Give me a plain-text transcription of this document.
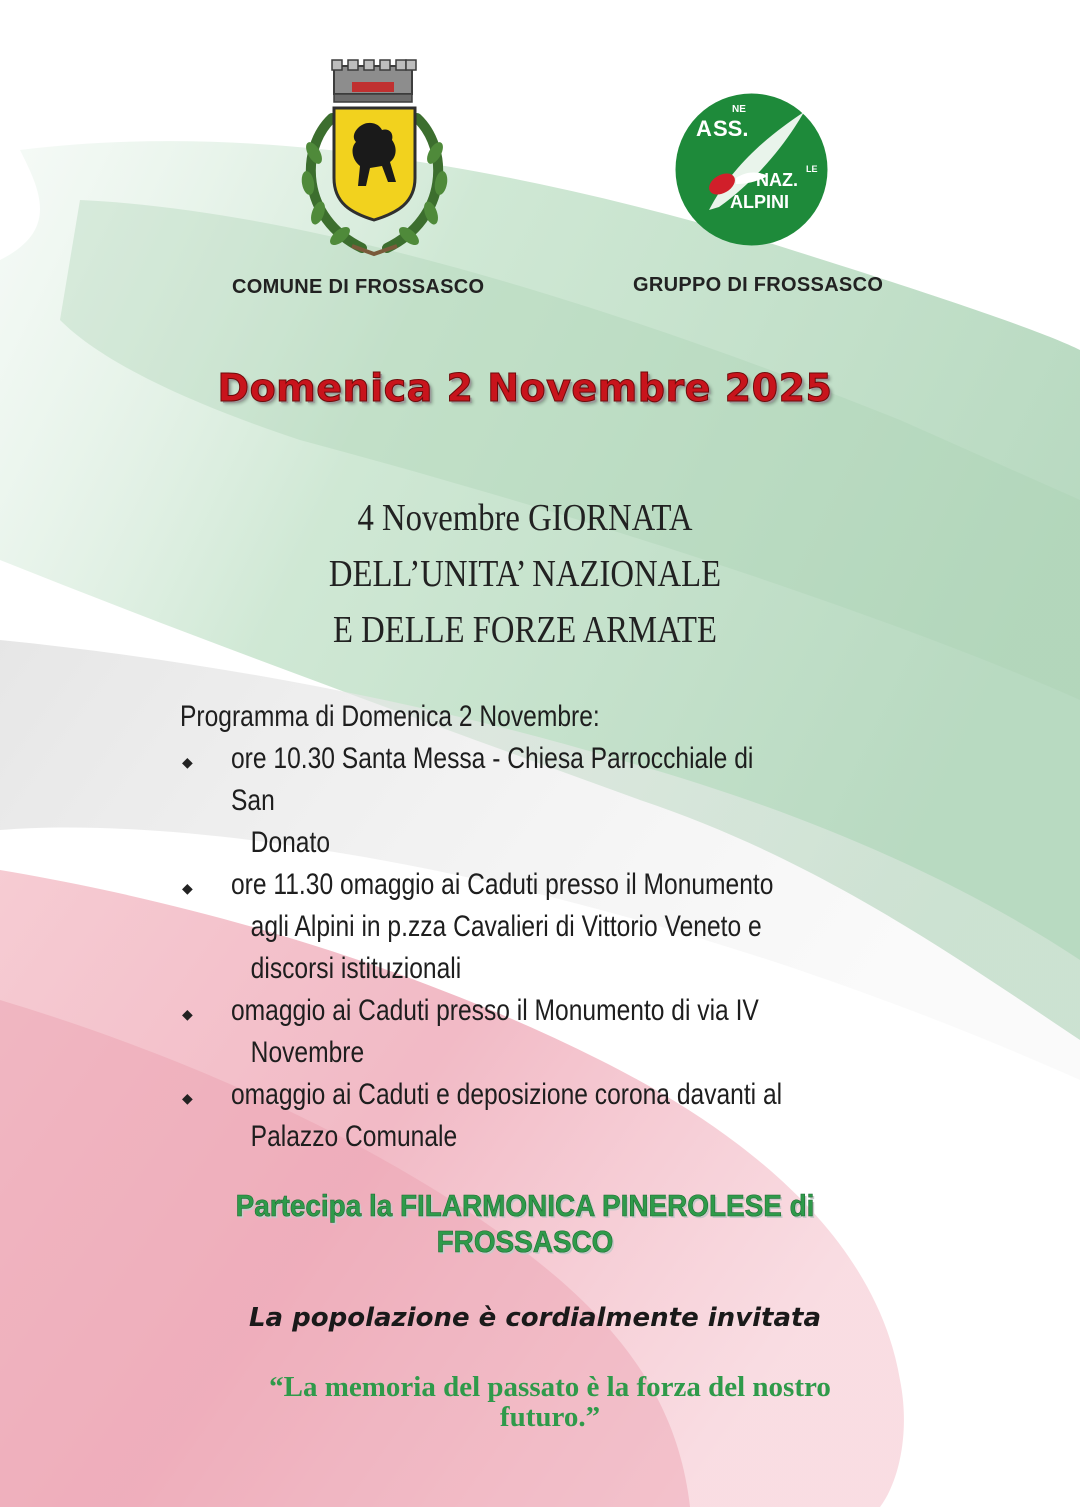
A SS.
NE
NAZ.
LE
ALPINI
COMUNE DI FROSSASCO	GRUPPO DI FROSSASCO
Domenica 2 Novembre 2025
4 Novembre GIORNATA
DELL’UNITA’ NAZIONALE
E DELLE FORZE ARMATE
Programma di Domenica 2 Novembre:
◆ ore 10.30 Santa Messa - Chiesa Parrocchiale di San
Donato
◆ ore 11.30 omaggio ai Caduti presso il Monumento
agli Alpini in p.zza Cavalieri di Vittorio Veneto e
discorsi istituzionali
◆ omaggio ai Caduti presso il Monumento di via IV
Novembre
◆ omaggio ai Caduti e deposizione corona davanti al
Palazzo Comunale
Partecipa la FILARMONICA PINEROLESE di
FROSSASCO
La popolazione è cordialmente invitata
“La memoria del passato è la forza del nostro
futuro.”
